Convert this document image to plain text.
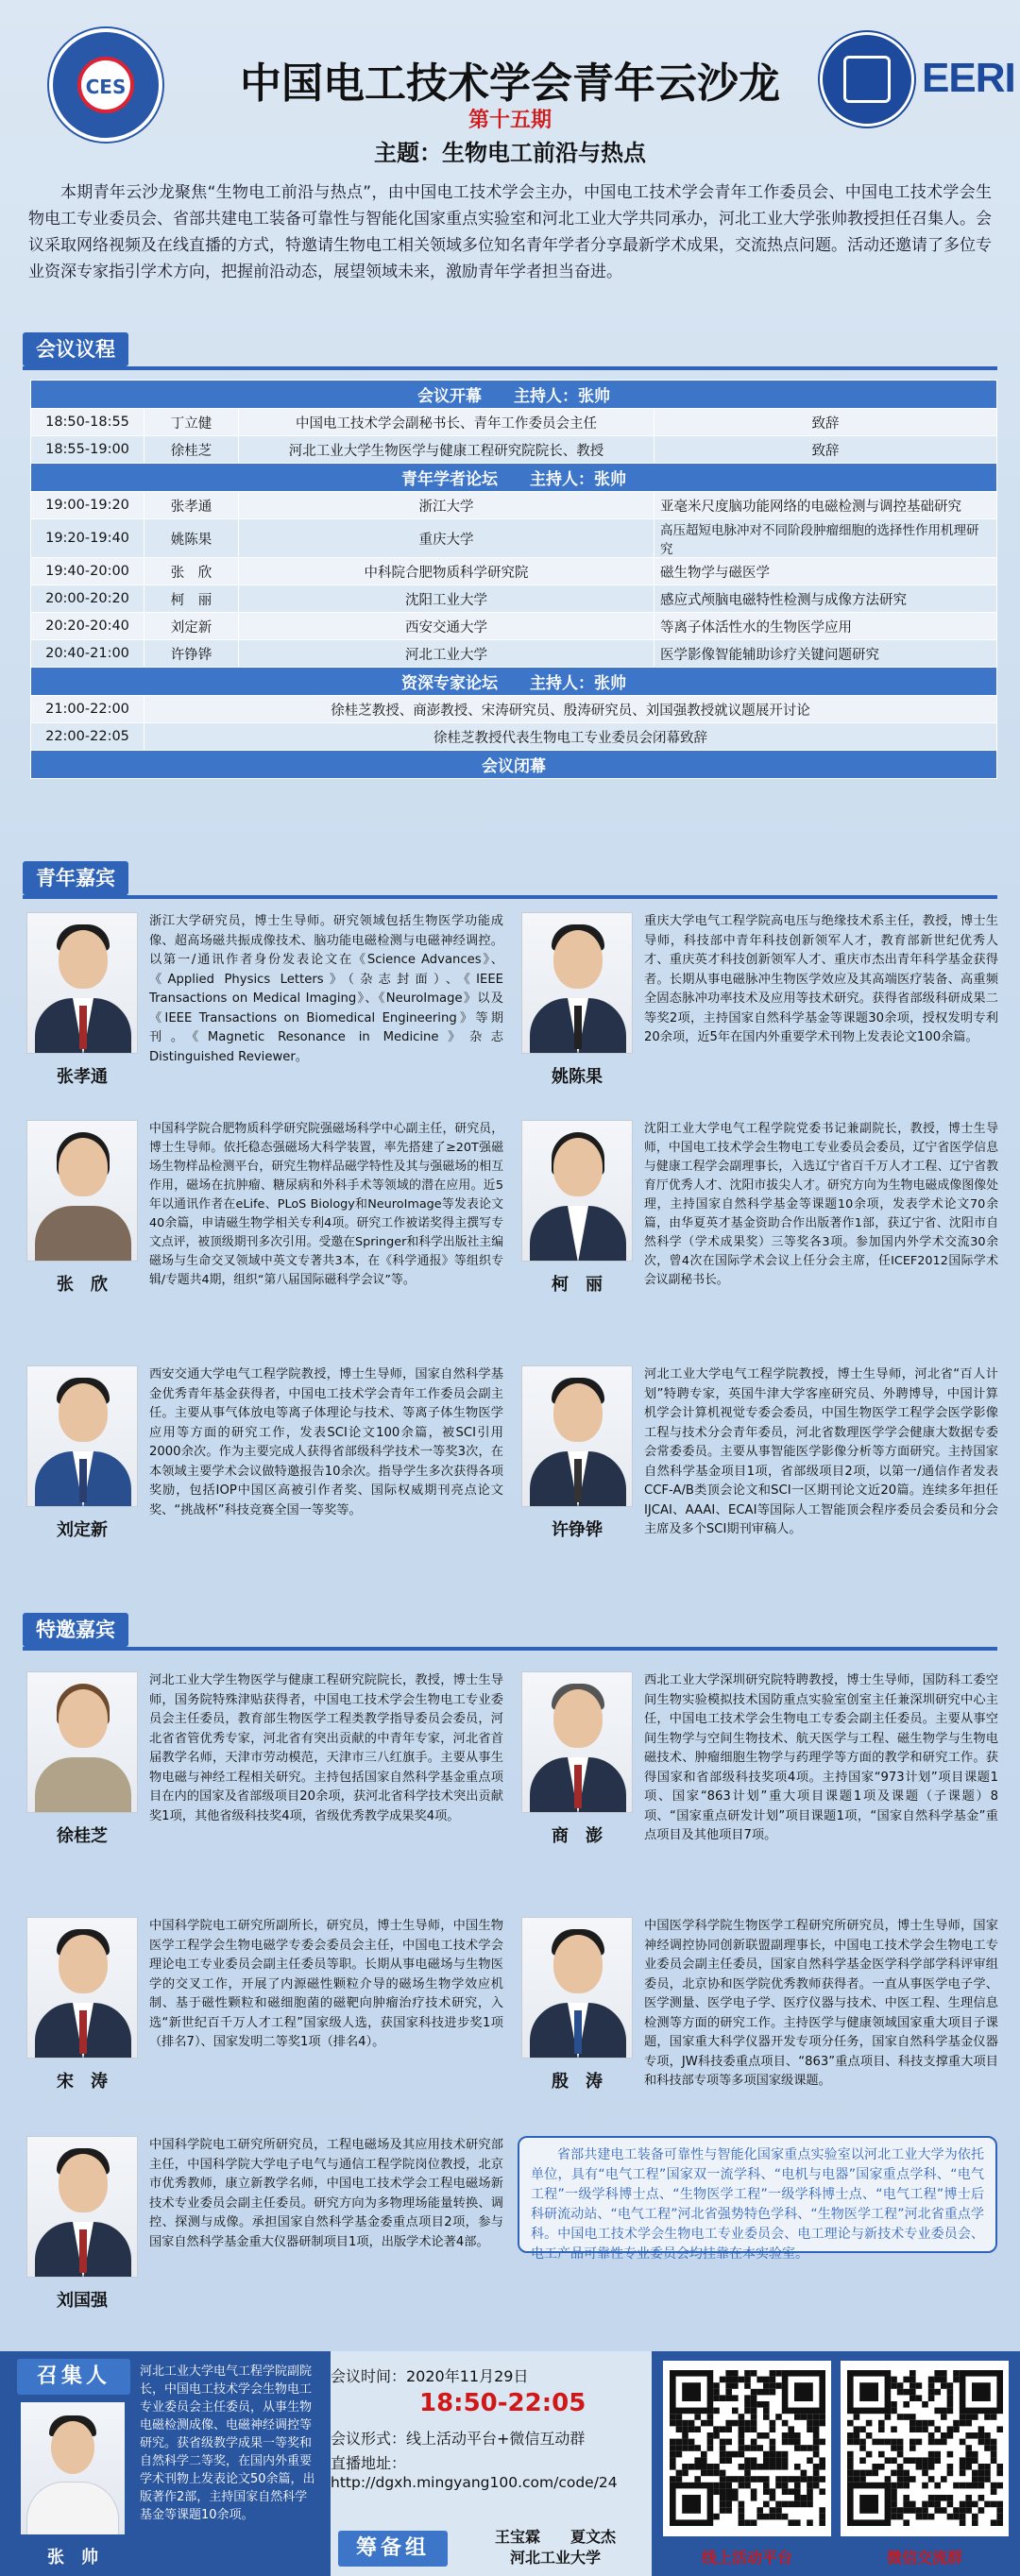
CES	EERI
中国电工技术学会青年云沙龙
第十五期
主题：生物电工前沿与热点
本期青年云沙龙聚焦“生物电工前沿与热点”，由中国电工技术学会主办，中国电工技术学会青年工作委员会、中国电工技术学会生物电工专业委员会、省部共建电工装备可靠性与智能化国家重点实验室和河北工业大学共同承办，河北工业大学张帅教授担任召集人。会议采取网络视频及在线直播的方式，特邀请生物电工相关领域多位知名青年学者分享最新学术成果，交流热点问题。活动还邀请了多位专业资深专家指引学术方向，把握前沿动态，展望领域未来，激励青年学者担当奋进。
会议议程
会议开幕　　主持人：张帅			
18:50-18:55	丁立健	中国电工技术学会副秘书长、青年工作委员会主任	致辞
18:55-19:00	徐桂芝	河北工业大学生物医学与健康工程研究院院长、教授	致辞
青年学者论坛　　主持人：张帅			
19:00-19:20	张孝通	浙江大学	亚毫米尺度脑功能网络的电磁检测与调控基础研究
19:20-19:40	姚陈果	重庆大学	高压超短电脉冲对不同阶段肿瘤细胞的选择性作用机理研究
19:40-20:00	张　欣	中科院合肥物质科学研究院	磁生物学与磁医学
20:00-20:20	柯　丽	沈阳工业大学	感应式颅脑电磁特性检测与成像方法研究
20:20-20:40	刘定新	西安交通大学	等离子体活性水的生物医学应用
20:40-21:00	许铮铧	河北工业大学	医学影像智能辅助诊疗关键问题研究
资深专家论坛　　主持人：张帅			
21:00-22:00	徐桂芝教授、商澎教授、宋涛研究员、殷涛研究员、刘国强教授就议题展开讨论		
22:00-22:05	徐桂芝教授代表生物电工专业委员会闭幕致辞		
会议闭幕			
青年嘉宾
张孝通
浙江大学研究员，博士生导师。研究领域包括生物医学功能成像、超高场磁共振成像技术、脑功能电磁检测与电磁神经调控。以第一/通讯作者身份发表论文在《Science Advances》、《Applied Physics Letters》（杂志封面）、《IEEE Transactions on Medical Imaging》、《NeuroImage》以及《IEEE Transactions on Biomedical Engineering》等期刊。《Magnetic Resonance in Medicine》杂志 Distinguished Reviewer。
姚陈果
重庆大学电气工程学院高电压与绝缘技术系主任，教授，博士生导师，科技部中青年科技创新领军人才，教育部新世纪优秀人才、重庆英才科技创新领军人才、重庆市杰出青年科学基金获得者。长期从事电磁脉冲生物医学效应及其高端医疗装备、高重频全固态脉冲功率技术及应用等技术研究。获得省部级科研成果二等奖2项，主持国家自然科学基金等课题30余项，授权发明专利20余项，近5年在国内外重要学术刊物上发表论文100余篇。
张　欣
中国科学院合肥物质科学研究院强磁场科学中心副主任，研究员，博士生导师。依托稳态强磁场大科学装置，率先搭建了≥20T强磁场生物样品检测平台，研究生物样品磁学特性及其与强磁场的相互作用，磁场在抗肿瘤、糖尿病和外科手术等领域的潜在应用。近5年以通讯作者在eLife、PLoS Biology和NeuroImage等发表论文40余篇，申请磁生物学相关专利4项。研究工作被诺奖得主撰写专文点评，被顶级期刊多次引用。受邀在Springer和科学出版社主编磁场与生命交叉领域中英文专著共3本，在《科学通报》等组织专辑/专题共4期，组织“第八届国际磁科学会议”等。	柯　丽
沈阳工业大学电气工程学院党委书记兼副院长，教授，博士生导师，中国电工技术学会生物电工专业委员会委员，辽宁省医学信息与健康工程学会副理事长，入选辽宁省百千万人才工程、辽宁省教育厅优秀人才、沈阳市拔尖人才。研究方向为生物电磁成像图像处理，主持国家自然科学基金等课题10余项，发表学术论文70余篇，由华夏英才基金资助合作出版著作1部，获辽宁省、沈阳市自然科学（学术成果奖）三等奖各3项。参加国内外学术交流30余次，曾4次在国际学术会议上任分会主席，任ICEF2012国际学术会议副秘书长。
刘定新
西安交通大学电气工程学院教授，博士生导师，国家自然科学基金优秀青年基金获得者，中国电工技术学会青年工作委员会副主任。主要从事气体放电等离子体理论与技术、等离子体生物医学应用等方面的研究工作，发表SCI论文100余篇，被SCI引用2000余次。作为主要完成人获得省部级科学技术一等奖3次，在本领域主要学术会议做特邀报告10余次。指导学生多次获得各项奖励，包括IOP中国区高被引作者奖、国际权威期刊亮点论文奖、“挑战杯”科技竞赛全国一等奖等。
许铮铧
河北工业大学电气工程学院教授，博士生导师，河北省“百人计划”特聘专家，英国牛津大学客座研究员、外聘博导，中国计算机学会计算机视觉专委会委员，中国生物医学工程学会医学影像工程与技术分会青年委员，河北省数理医学学会健康大数据专委会常委委员。主要从事智能医学影像分析等方面研究。主持国家自然科学基金项目1项，省部级项目2项，以第一/通信作者发表CCF-A/B类顶会论文和SCI一区期刊论文近20篇。连续多年担任IJCAI、AAAI、ECAI等国际人工智能顶会程序委员会委员和分会主席及多个SCI期刊审稿人。
特邀嘉宾
徐桂芝
河北工业大学生物医学与健康工程研究院院长，教授，博士生导师，国务院特殊津贴获得者，中国电工技术学会生物电工专业委员会主任委员，教育部生物医学工程类教学指导委员会委员，河北省省管优秀专家，河北省有突出贡献的中青年专家，河北省首届教学名师，天津市劳动模范，天津市三八红旗手。主要从事生物电磁与神经工程相关研究。主持包括国家自然科学基金重点项目在内的国家及省部级项目20余项，获河北省科学技术突出贡献奖1项，其他省级科技奖4项，省级优秀教学成果奖4项。
商　澎
西北工业大学深圳研究院特聘教授，博士生导师，国防科工委空间生物实验模拟技术国防重点实验室创室主任兼深圳研究中心主任，中国电工技术学会生物电工专委会副主任委员。主要从事空间生物学与空间生物技术、航天医学与工程、磁生物学与生物电磁技术、肿瘤细胞生物学与药理学等方面的教学和研究工作。获得国家和省部级科技奖项4项。主持国家“973计划”项目课题1项、国家“863计划”重大项目课题1项及课题（子课题）8项、“国家重点研发计划”项目课题1项，“国家自然科学基金”重点项目及其他项目7项。
宋　涛
中国科学院电工研究所副所长，研究员，博士生导师，中国生物医学工程学会生物电磁学专委会委员会主任，中国电工技术学会理论电工专业委员会副主任委员等职。长期从事电磁场与生物医学的交叉工作，开展了内源磁性颗粒介导的磁场生物学效应机制、基于磁性颗粒和磁细胞菌的磁靶向肿瘤治疗技术研究，入选“新世纪百千万人才工程”国家级人选，获国家科技进步奖1项（排名7）、国家发明二等奖1项（排名4）。
殷　涛
中国医学科学院生物医学工程研究所研究员，博士生导师，国家神经调控协同创新联盟副理事长，中国电工技术学会生物电工专业委员会副主任委员，国家自然科学基金医学科学部学科评审组委员，北京协和医学院优秀教师获得者。一直从事医学电子学、医学测量、医学电子学、医疗仪器与技术、中医工程、生理信息检测等方面的研究工作。主持医学与健康领域国家重大项目子课题，国家重大科学仪器开发专项分任务，国家自然科学基金仪器专项，JW科技委重点项目、“863”重点项目、科技支撑重大项目和科技部专项等多项国家级课题。
刘国强
中国科学院电工研究所研究员，工程电磁场及其应用技术研究部主任，中国科学院大学电子电气与通信工程学院岗位教授，北京市优秀教师，康立新教学名师，中国电工技术学会工程电磁场新技术专业委员会副主任委员。研究方向为多物理场能量转换、调控、探测与成像。承担国家自然科学基金委重点项目2项，参与国家自然科学基金重大仪器研制项目1项，出版学术论著4部。
省部共建电工装备可靠性与智能化国家重点实验室以河北工业大学为依托单位，具有“电气工程”国家双一流学科、“电机与电器”国家重点学科、“电气工程”一级学科博士点、“生物医学工程”一级学科博士点、“电气工程”博士后科研流动站、“电气工程”河北省强势特色学科、“生物医学工程”河北省重点学科。中国电工技术学会生物电工专业委员会、电工理论与新技术专业委员会、电工产品可靠性专业委员会均挂靠在本实验室。
召集人
张　帅
河北工业大学电气工程学院副院长，中国电工技术学会生物电工专业委员会主任委员，从事生物电磁检测成像、电磁神经调控等研究。获省级教学成果一等奖和自然科学二等奖，在国内外重要学术刊物上发表论文50余篇，出版著作2部，主持国家自然科学基金等课题10余项。
会议时间：2020年11月29日
18:50-22:05
会议形式：线上活动平台+微信互动群
直播地址：
http://dgxh.mingyang100.com/code/24
筹备组	王宝霖　　夏文杰
河北工业大学	线上活动平台	微信交流群
